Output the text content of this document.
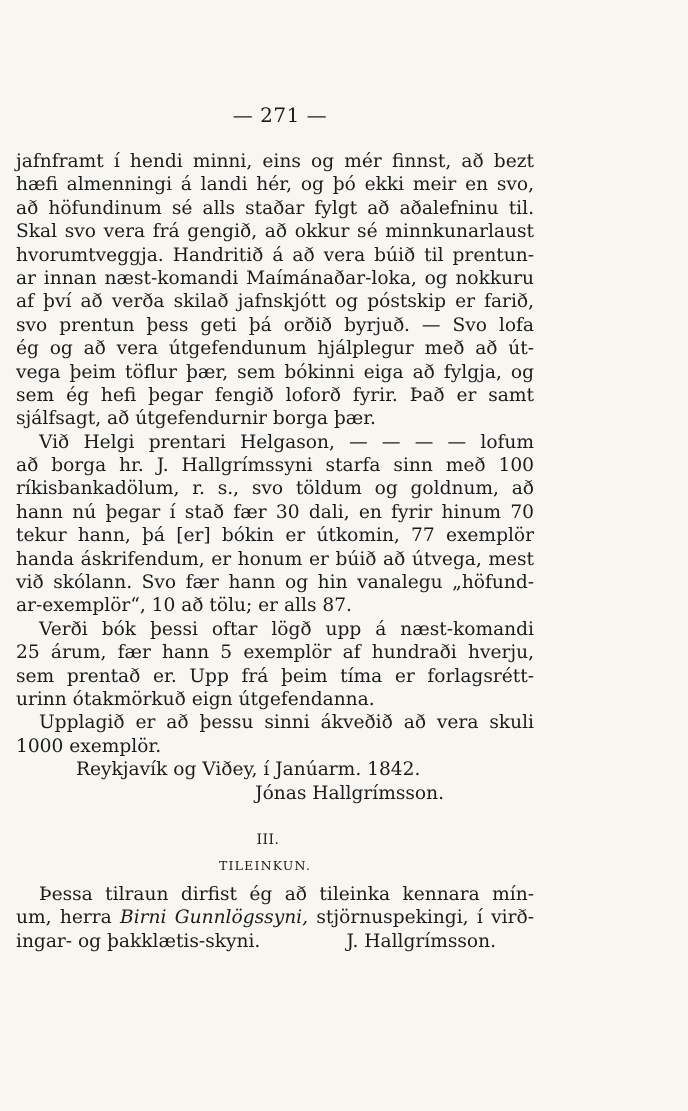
— 271 —
jafnframt í hendi minni, eins og mér finnst, að bezt
hæfi almenningi á landi hér, og þó ekki meir en svo,
að höfundinum sé alls staðar fylgt að aðalefninu til.
Skal svo vera frá gengið, að okkur sé minnkunarlaust
hvorumtveggja. Handritið á að vera búið til prentun-
ar innan næst-komandi Maímánaðar-loka, og nokkuru
af því að verða skilað jafnskjótt og póstskip er farið,
svo prentun þess geti þá orðið byrjuð. — Svo lofa
ég og að vera útgefendunum hjálplegur með að út-
vega þeim töflur þær, sem bókinni eiga að fylgja, og
sem ég hefi þegar fengið loforð fyrir. Það er samt
sjálfsagt, að útgefendurnir borga þær.
Við Helgi prentari Helgason, — — — — lofum
að borga hr. J. Hallgrímssyni starfa sinn með 100
ríkisbankadölum, r. s., svo töldum og goldnum, að
hann nú þegar í stað fær 30 dali, en fyrir hinum 70
tekur hann, þá [er] bókin er útkomin, 77 exemplör
handa áskrifendum, er honum er búið að útvega, mest
við skólann. Svo fær hann og hin vanalegu „höfund-
ar-exemplör“, 10 að tölu; er alls 87.
Verði bók þessi oftar lögð upp á næst-komandi
25 árum, fær hann 5 exemplör af hundraði hverju,
sem prentað er. Upp frá þeim tíma er forlagsrétt-
urinn ótakmörkuð eign útgefendanna.
Upplagið er að þessu sinni ákveðið að vera skuli
1000 exemplör.
Reykjavík og Viðey, í Janúarm. 1842.
Jónas Hallgrímsson.
III.
TILEINKUN.
Þessa tilraun dirfist ég að tileinka kennara mín-
um, herra Birni Gunnlögssyni, stjörnuspekingi, í virð-
ingar- og þakklætis-skyni.	J. Hallgrímsson.
